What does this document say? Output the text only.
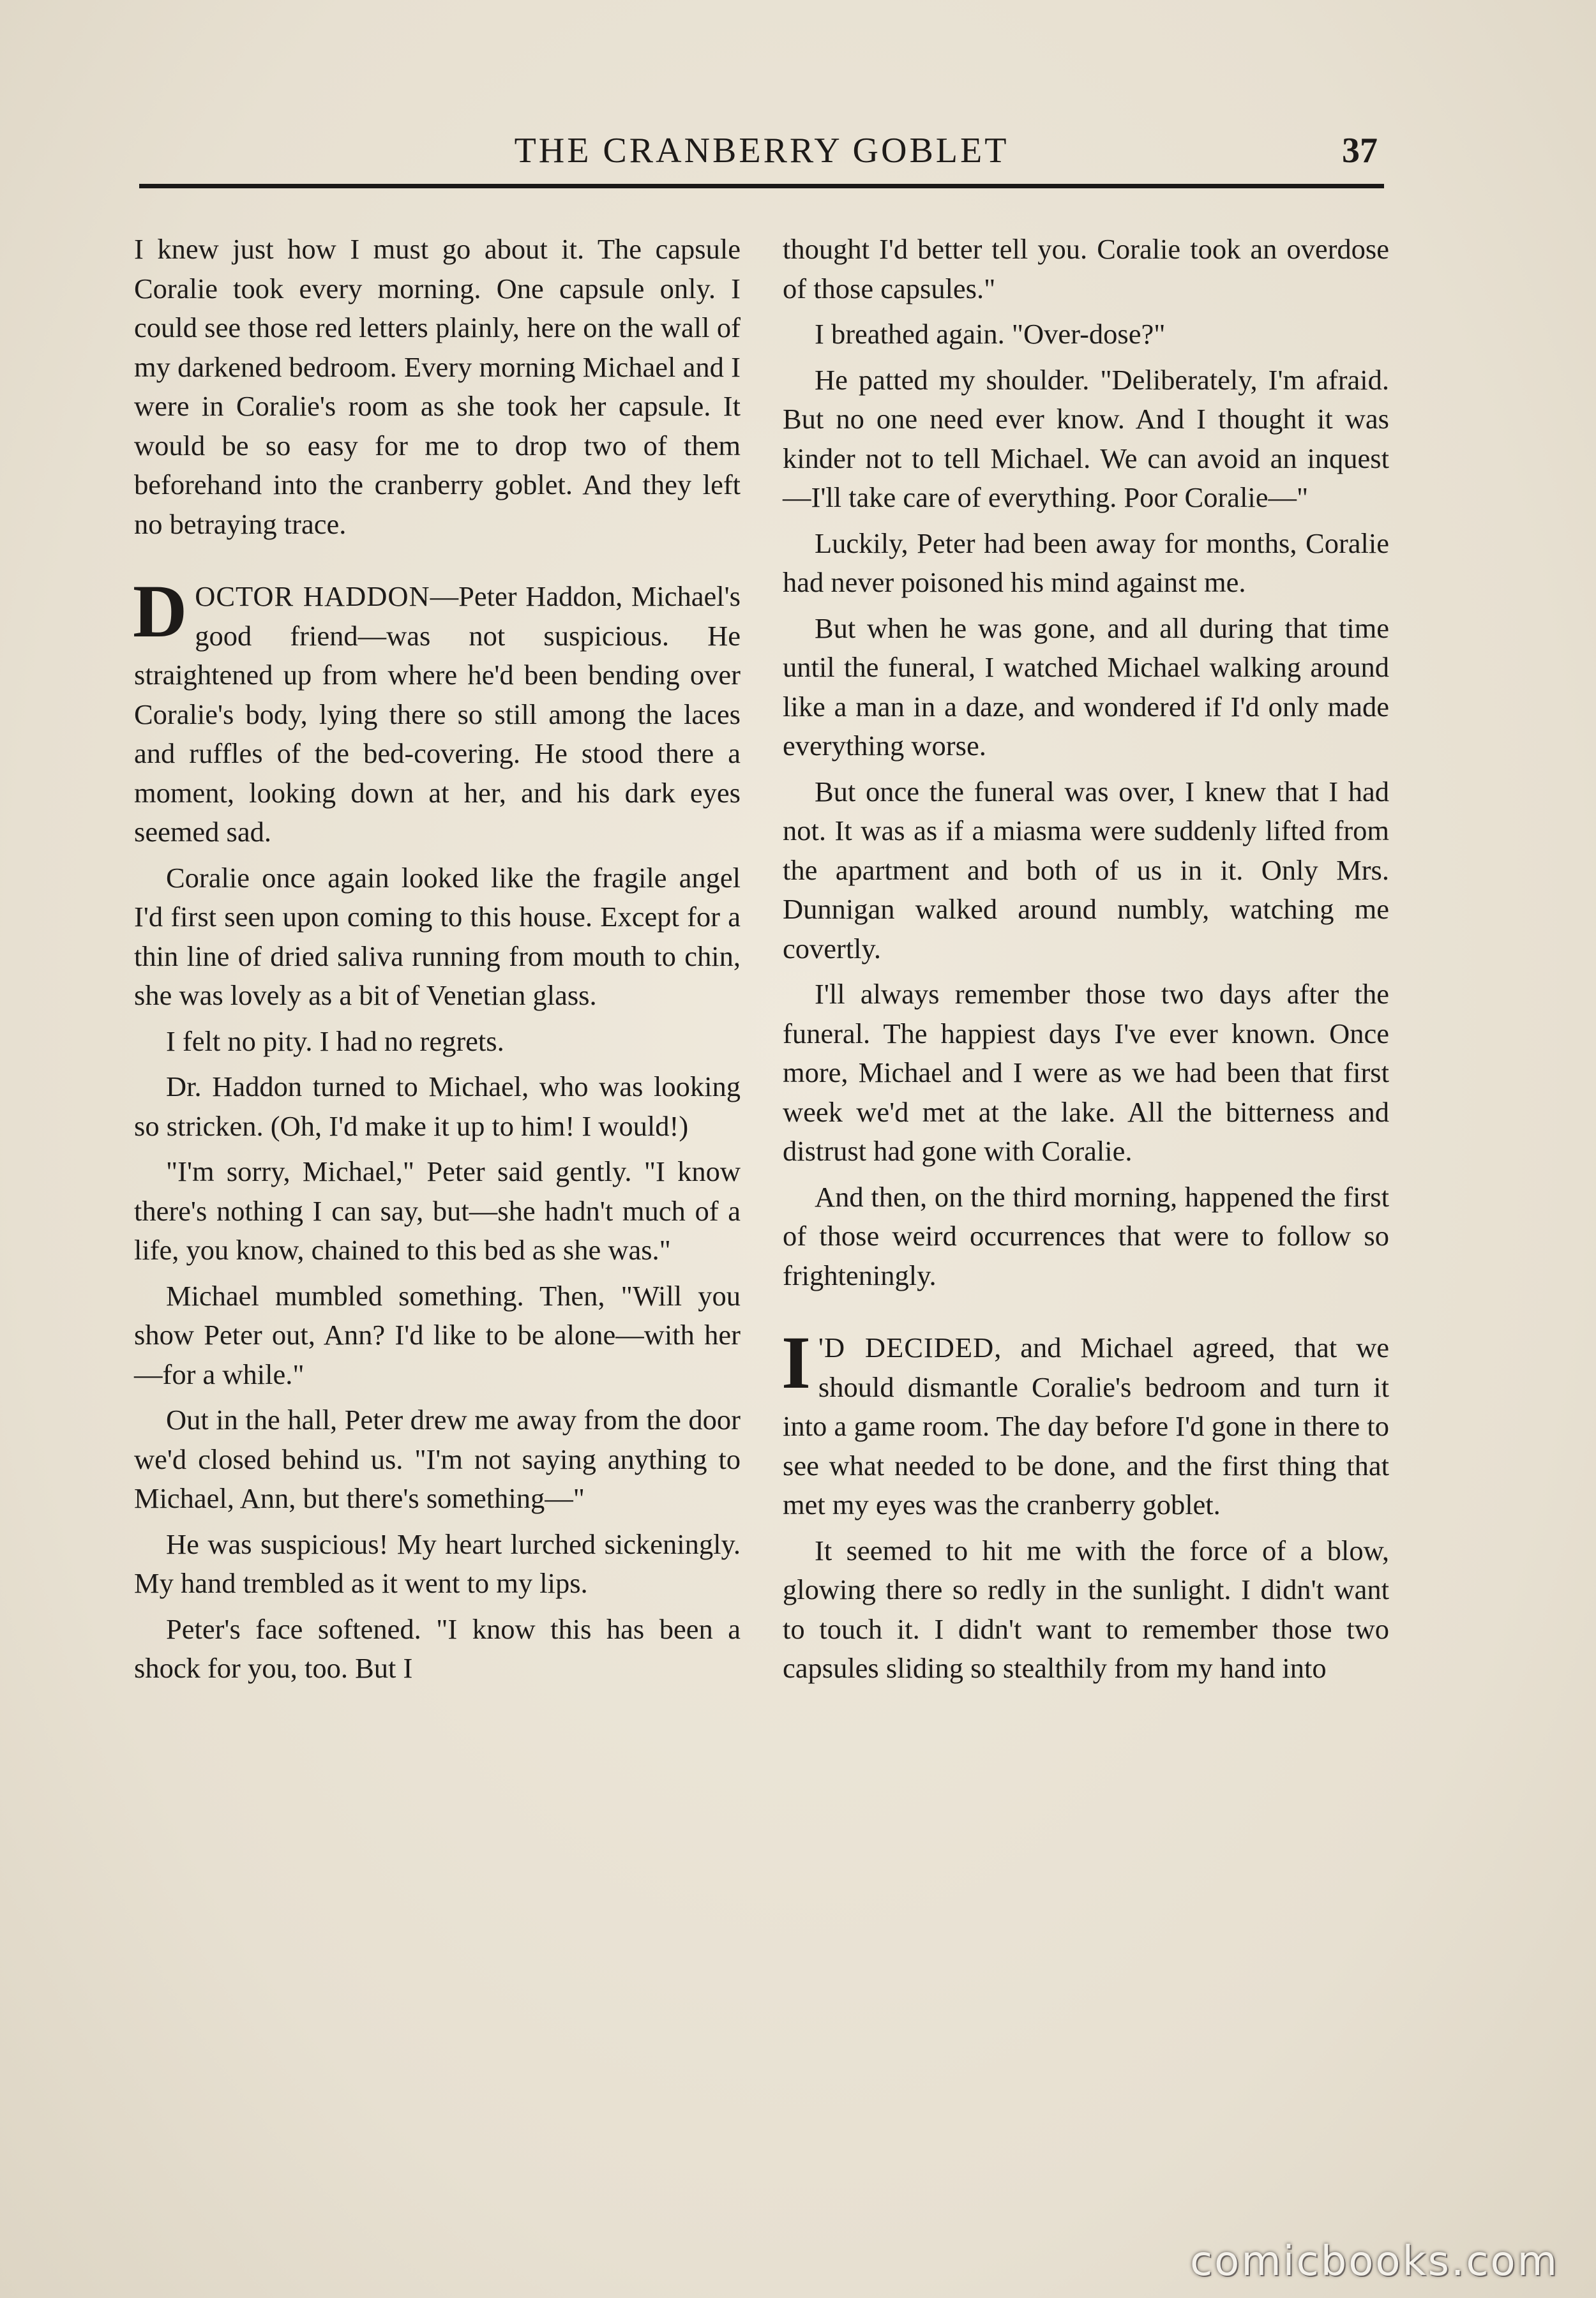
THE CRANBERRY GOBLET	37

I knew just how I must go about it. The capsule Coralie took every morning. One capsule only. I could see those red letters plainly, here on the wall of my darkened bedroom. Every morning Michael and I were in Coralie's room as she took her capsule. It would be so easy for me to drop two of them beforehand into the cranberry goblet. And they left no betraying trace.

DOCTOR HADDON—Peter Haddon, Michael's good friend—was not suspicious. He straightened up from where he'd been bending over Coralie's body, lying there so still among the laces and ruffles of the bed-covering. He stood there a moment, looking down at her, and his dark eyes seemed sad.

Coralie once again looked like the fragile angel I'd first seen upon coming to this house. Except for a thin line of dried saliva running from mouth to chin, she was lovely as a bit of Venetian glass.

I felt no pity. I had no regrets.

Dr. Haddon turned to Michael, who was looking so stricken. (Oh, I'd make it up to him! I would!)

"I'm sorry, Michael," Peter said gently. "I know there's nothing I can say, but—she hadn't much of a life, you know, chained to this bed as she was."

Michael mumbled something. Then, "Will you show Peter out, Ann? I'd like to be alone—with her—for a while."

Out in the hall, Peter drew me away from the door we'd closed behind us. "I'm not saying anything to Michael, Ann, but there's something—"

He was suspicious! My heart lurched sickeningly. My hand trembled as it went to my lips.

Peter's face softened. "I know this has been a shock for you, too. But I

thought I'd better tell you. Coralie took an overdose of those capsules."

I breathed again. "Over-dose?"

He patted my shoulder. "Deliberately, I'm afraid. But no one need ever know. And I thought it was kinder not to tell Michael. We can avoid an inquest—I'll take care of everything. Poor Coralie—"

Luckily, Peter had been away for months, Coralie had never poisoned his mind against me.

But when he was gone, and all during that time until the funeral, I watched Michael walking around like a man in a daze, and wondered if I'd only made everything worse.

But once the funeral was over, I knew that I had not. It was as if a miasma were suddenly lifted from the apartment and both of us in it. Only Mrs. Dunnigan walked around numbly, watching me covertly.

I'll always remember those two days after the funeral. The happiest days I've ever known. Once more, Michael and I were as we had been that first week we'd met at the lake. All the bitterness and distrust had gone with Coralie.

And then, on the third morning, happened the first of those weird occurrences that were to follow so frighteningly.

I 'D DECIDED, and Michael agreed, that we should dismantle Coralie's bedroom and turn it into a game room. The day before I'd gone in there to see what needed to be done, and the first thing that met my eyes was the cranberry goblet.

It seemed to hit me with the force of a blow, glowing there so redly in the sunlight. I didn't want to touch it. I didn't want to remember those two capsules sliding so stealthily from my hand into

comicbooks.com
